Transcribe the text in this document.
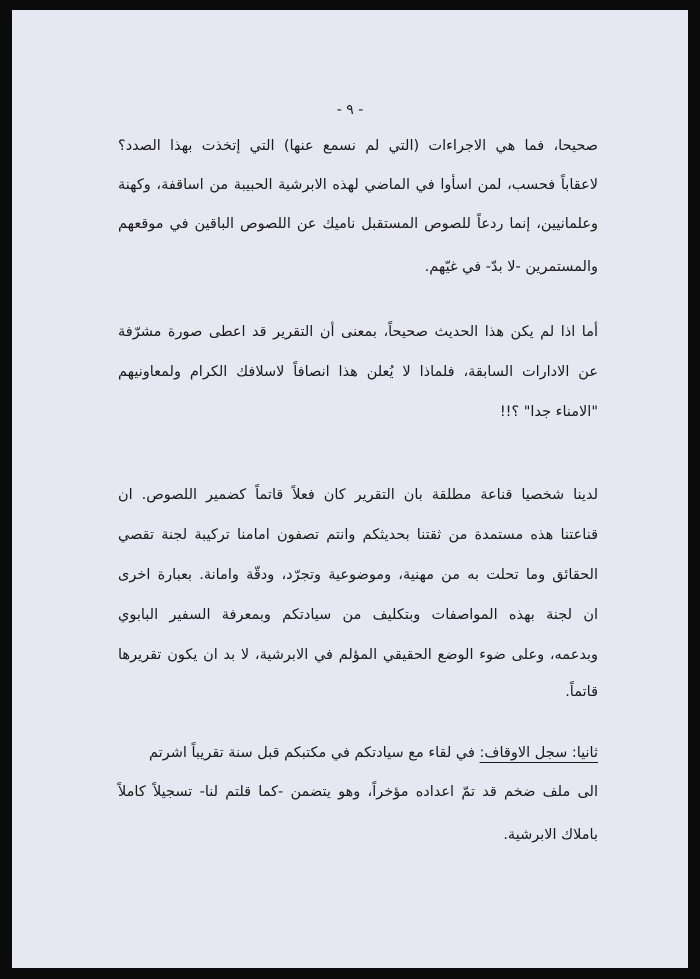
- ٩ -
صحيحا، فما هي الاجراءات (التي لم نسمع عنها) التي إتخذت بهذا الصدد؟
لاعقاباً فحسب، لمن اسأوا في الماضي لهذه الابرشية الحبيبة من اساقفة، وكهنة
وعلمانيين، إنما ردعاً للصوص المستقبل ناميك عن اللصوص الباقين في موقعهم
والمستمرين -لا بدّ- في غيّهم.
أما اذا لم يكن هذا الحديث صحيحاً، بمعنى أن التقرير قد اعطى صورة مشرّفة
عن الادارات السابقة، فلماذا لا يُعلن هذا انصافاً لاسلافك الكرام ولمعاونيهم
"الامناء جدا" ؟!!
لدينا شخصيا قناعة مطلقة بان التقرير كان فعلاً قاتماً كضمير اللصوص. ان
قناعتنا هذه مستمدة من ثقتنا بحديثكم وانتم تصفون امامنا تركيبة لجنة تقصي
الحقائق وما تحلت به من مهنية، وموضوعية وتجرّد، ودقّة وامانة. بعبارة اخرى
ان لجنة بهذه المواصفات وبتكليف من سيادتكم وبمعرفة السفير البابوي
وبدعمه، وعلى ضوء الوضع الحقيقي المؤلم في الابرشية، لا بد ان يكون تقريرها
قاتماً.
ثانيا: سجل الاوقاف: في لقاء مع سيادتكم في مكتبكم قبل سنة تقريباً اشرتم
الى ملف ضخم قد تمّ اعداده مؤخراً، وهو يتضمن -كما قلتم لنا- تسجيلاً كاملاً
باملاك الابرشية.
